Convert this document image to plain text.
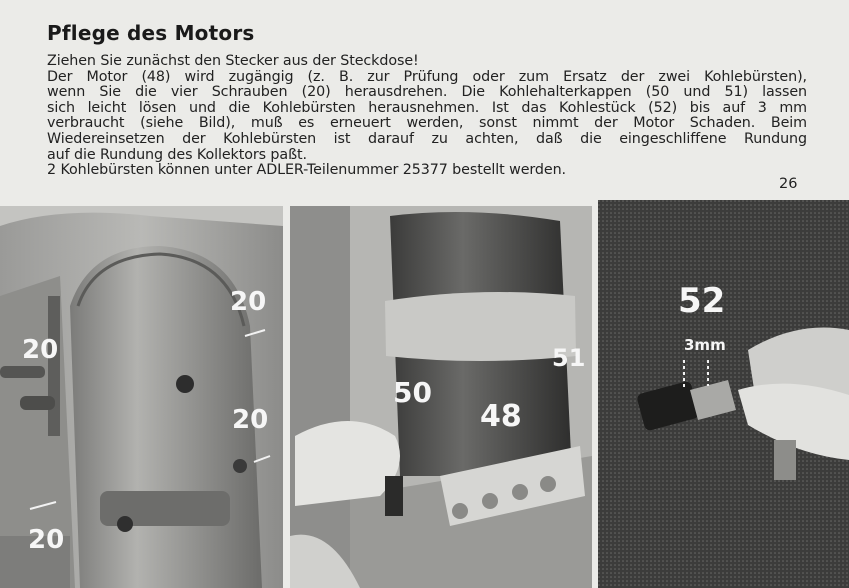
Pflege des Motors

Ziehen Sie zunächst den Stecker aus der Steckdose!

Der Motor (48) wird zugängig (z. B. zur Prüfung oder zum Ersatz der zwei Kohlebürsten),

wenn Sie die vier Schrauben (20) herausdrehen. Die Kohlehalterkappen (50 und 51) lassen

sich leicht lösen und die Kohlebürsten herausnehmen. Ist das Kohlestück (52) bis auf 3 mm

verbraucht (siehe Bild), muß es erneuert werden, sonst nimmt der Motor Schaden. Beim

Wiedereinsetzen der Kohlebürsten ist darauf zu achten, daß die eingeschliffene Rundung

auf die Rundung des Kollektors paßt.

2 Kohlebürsten können unter ADLER-Teilenummer 25377 bestellt werden.

26
20
20
20
20
50
48
51
52
3mm
